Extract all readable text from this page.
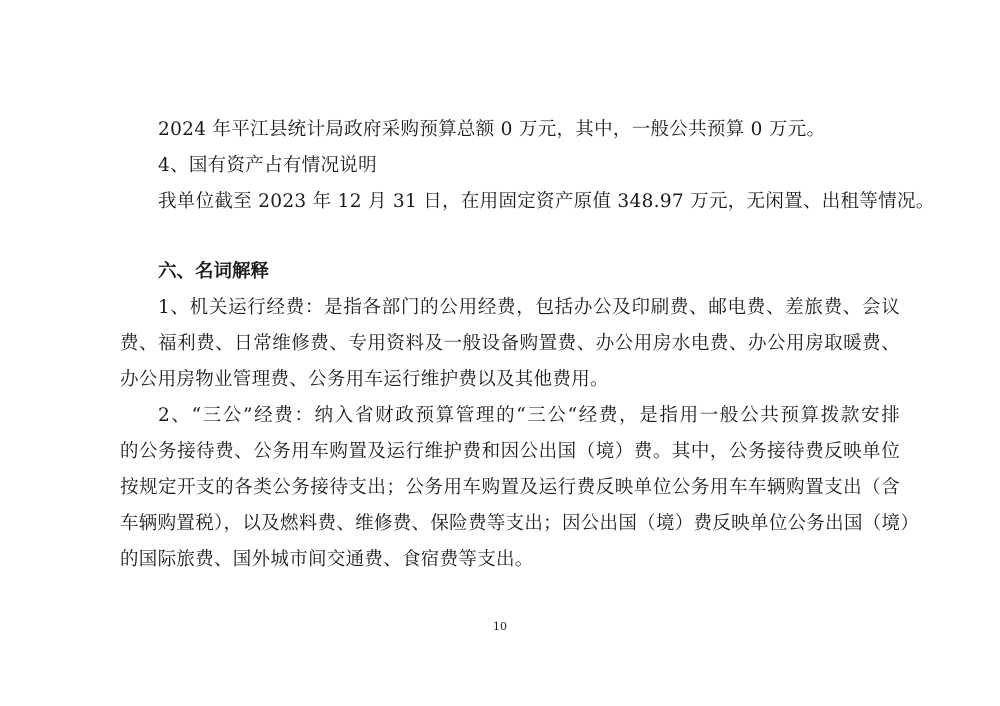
2024 年平江县统计局政府采购预算总额 0 万元，其中，一般公共预算 0 万元。
4、国有资产占有情况说明
我单位截至 2023 年 12 月 31 日，在用固定资产原值 348.97 万元，无闲置、出租等情况。
六、名词解释
1、机关运行经费：是指各部门的公用经费，包括办公及印刷费、邮电费、差旅费、会议
费、福利费、日常维修费、专用资料及一般设备购置费、办公用房水电费、办公用房取暖费、
办公用房物业管理费、公务用车运行维护费以及其他费用。
2、“三公”经费：纳入省财政预算管理的“三公“经费，是指用一般公共预算拨款安排
的公务接待费、公务用车购置及运行维护费和因公出国（境）费。其中，公务接待费反映单位
按规定开支的各类公务接待支出；公务用车购置及运行费反映单位公务用车车辆购置支出（含
车辆购置税），以及燃料费、维修费、保险费等支出；因公出国（境）费反映单位公务出国（境）
的国际旅费、国外城市间交通费、食宿费等支出。
10
